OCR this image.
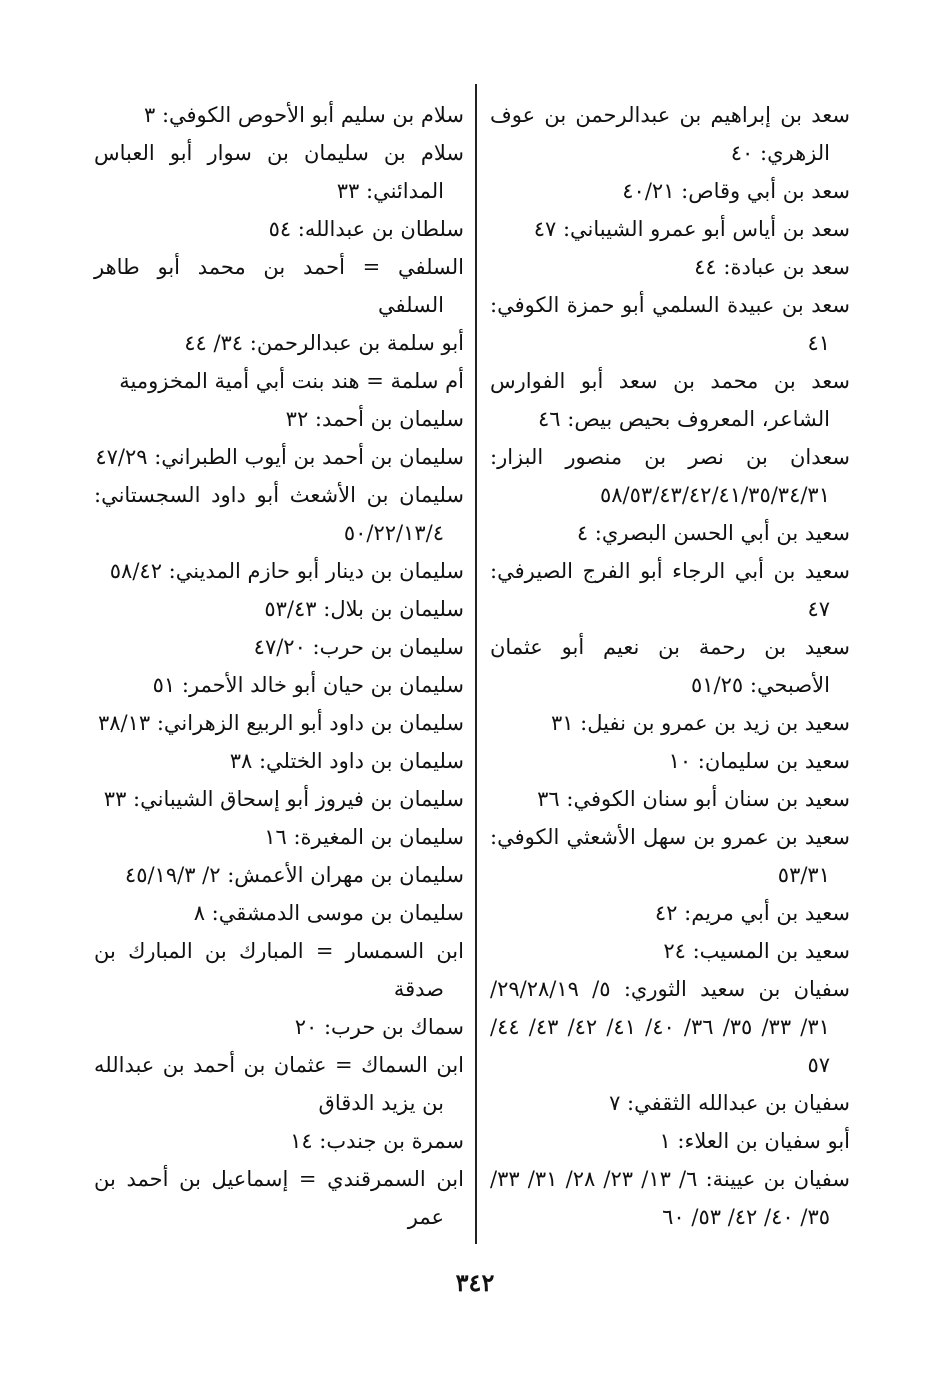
سعد بن إبراهيم بن عبدالرحمن بن عوف الزهري: ٤٠

سعد بن أبي وقاص: ٤٠/٢١

سعد بن أياس أبو عمرو الشيباني: ٤٧

سعد بن عبادة: ٤٤

سعد بن عبيدة السلمي أبو حمزة الكوفي: ٤١

سعد بن محمد بن سعد أبو الفوارس الشاعر، المعروف بحيص بيص: ٤٦

سعدان بن نصر بن منصور البزار: ٥٨/٥٣/٤٣/٤٢/٤١/٣٥/٣٤/٣١

سعيد بن أبي الحسن البصري: ٤

سعيد بن أبي الرجاء أبو الفرج الصيرفي: ٤٧

سعيد بن رحمة بن نعيم أبو عثمان الأصبحي: ٥١/٢٥

سعيد بن زيد بن عمرو بن نفيل: ٣١

سعيد بن سليمان: ١٠

سعيد بن سنان أبو سنان الكوفي: ٣٦

سعيد بن عمرو بن سهل الأشعثي الكوفي: ٥٣/٣١

سعيد بن أبي مريم: ٤٢

سعيد بن المسيب: ٢٤

سفيان بن سعيد الثوري: ٥/ ٢٩/٢٨/١٩/ ٣١/ ٣٣/ ٣٥/ ٣٦/ ٤٠/ ٤١/ ٤٢/ ٤٣/ ٤٤/ ٥٧

سفيان بن عبدالله الثقفي: ٧

أبو سفيان بن العلاء: ١

سفيان بن عيينة: ٦/ ١٣/ ٢٣/ ٢٨/ ٣١/ ٣٣/ ٣٥/ ٤٠/ ٤٢/ ٥٣/ ٦٠

سلام بن سليم أبو الأحوص الكوفي: ٣

سلام بن سليمان بن سوار أبو العباس المدائني: ٣٣

سلطان بن عبدالله: ٥٤

السلفي = أحمد بن محمد أبو طاهر السلفي

أبو سلمة بن عبدالرحمن: ٣٤/ ٤٤

أم سلمة = هند بنت أبي أمية المخزومية

سليمان بن أحمد: ٣٢

سليمان بن أحمد بن أيوب الطبراني: ٤٧/٢٩

سليمان بن الأشعث أبو داود السجستاني: ٥٠/٢٢/١٣/٤

سليمان بن دينار أبو حازم المديني: ٥٨/٤٢

سليمان بن بلال: ٥٣/٤٣

سليمان بن حرب: ٤٧/٢٠

سليمان بن حيان أبو خالد الأحمر: ٥١

سليمان بن داود أبو الربيع الزهراني: ٣٨/١٣

سليمان بن داود الختلي: ٣٨

سليمان بن فيروز أبو إسحاق الشيباني: ٣٣

سليمان بن المغيرة: ١٦

سليمان بن مهران الأعمش: ٢/ ٤٥/١٩/٣

سليمان بن موسى الدمشقي: ٨

ابن السمسار = المبارك بن المبارك بن صدقة

سماك بن حرب: ٢٠

ابن السماك = عثمان بن أحمد بن عبدالله بن يزيد الدقاق

سمرة بن جندب: ١٤

ابن السمرقندي = إسماعيل بن أحمد بن عمر

٣٤٢
